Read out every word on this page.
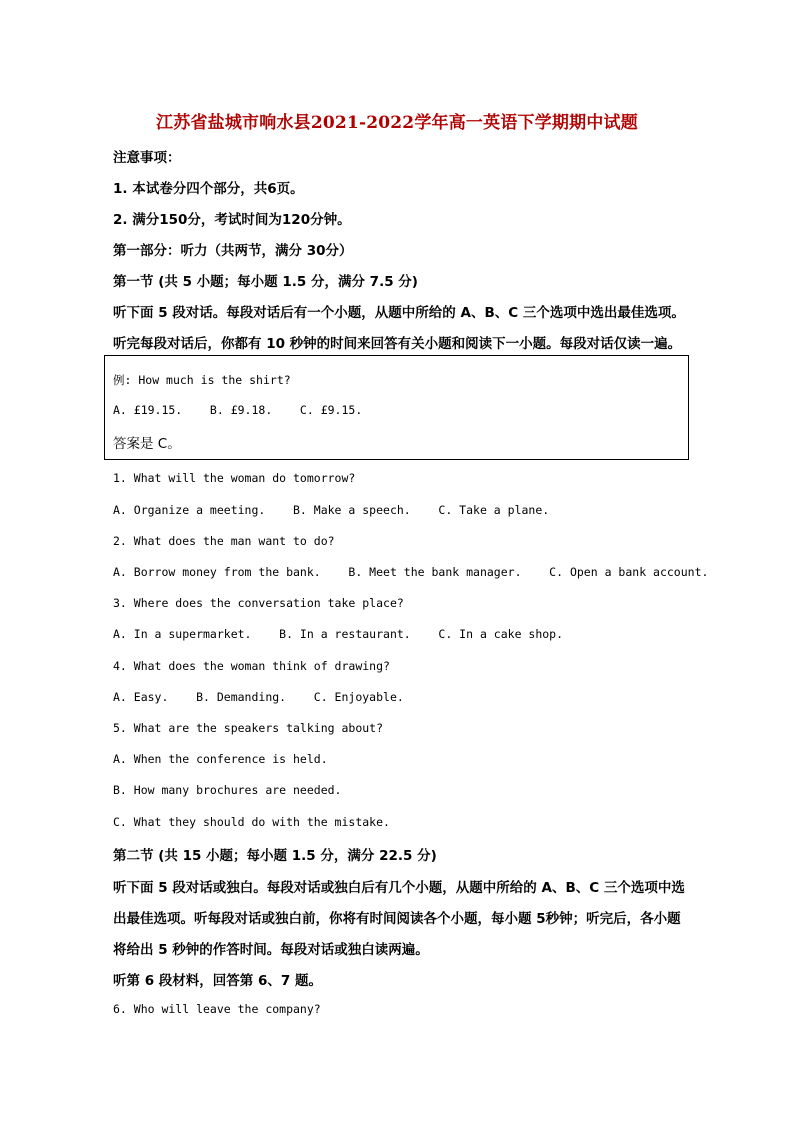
江苏省盐城市响水县2021-2022学年高一英语下学期期中试题
注意事项：
1. 本试卷分四个部分，共6页。
2. 满分150分，考试时间为120分钟。
第一部分：听力（共两节，满分 30分）
第一节 (共 5 小题；每小题 1.5 分，满分 7.5 分)
听下面 5 段对话。每段对话后有一个小题，从题中所给的 A、B、C 三个选项中选出最佳选项。
听完每段对话后，你都有 10 秒钟的时间来回答有关小题和阅读下一小题。每段对话仅读一遍。
例: How much is the shirt?
A. £19.15.    B. £9.18.    C. £9.15.
答案是 C。
1. What will the woman do tomorrow?
A. Organize a meeting.    B. Make a speech.    C. Take a plane.
2. What does the man want to do?
A. Borrow money from the bank.    B. Meet the bank manager.    C. Open a bank account.
3. Where does the conversation take place?
A. In a supermarket.    B. In a restaurant.    C. In a cake shop.
4. What does the woman think of drawing?
A. Easy.    B. Demanding.    C. Enjoyable.
5. What are the speakers talking about?
A. When the conference is held.
B. How many brochures are needed.
C. What they should do with the mistake.
第二节 (共 15 小题；每小题 1.5 分，满分 22.5 分)
听下面 5 段对话或独白。每段对话或独白后有几个小题，从题中所给的 A、B、C 三个选项中选
出最佳选项。听每段对话或独白前，你将有时间阅读各个小题，每小题 5秒钟；听完后，各小题
将给出 5 秒钟的作答时间。每段对话或独白读两遍。
听第 6 段材料，回答第 6、7 题。
6. Who will leave the company?
